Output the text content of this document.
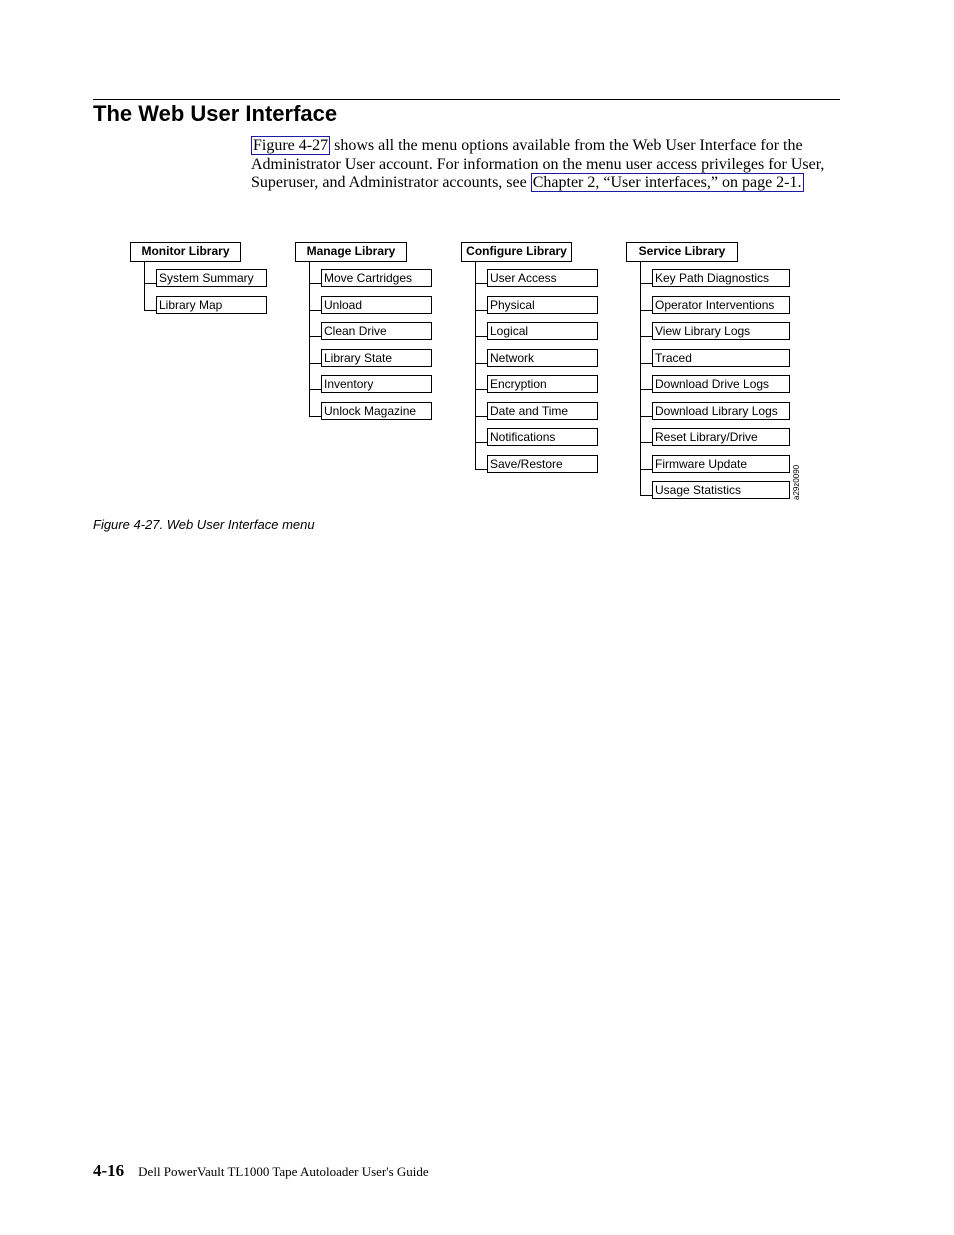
The Web User Interface

Figure 4-27 shows all the menu options available from the Web User Interface for the Administrator User account. For information on the menu user access privileges for User, Superuser, and Administrator accounts, see Chapter 2, “User interfaces,” on page 2-1.

Monitor Library
System Summary
Library Map
Manage Library
Move Cartridges
Unload
Clean Drive
Library State
Inventory
Unlock Magazine
Configure Library
User Access
Physical
Logical
Network
Encryption
Date and Time
Notifications
Save/Restore
Service Library
Key Path Diagnostics
Operator Interventions
View Library Logs
Traced
Download Drive Logs
Download Library Logs
Reset Library/Drive
Firmware Update
Usage Statistics	a29z0090

Figure 4-27. Web User Interface menu

4-16 Dell PowerVault TL1000 Tape Autoloader User's Guide
